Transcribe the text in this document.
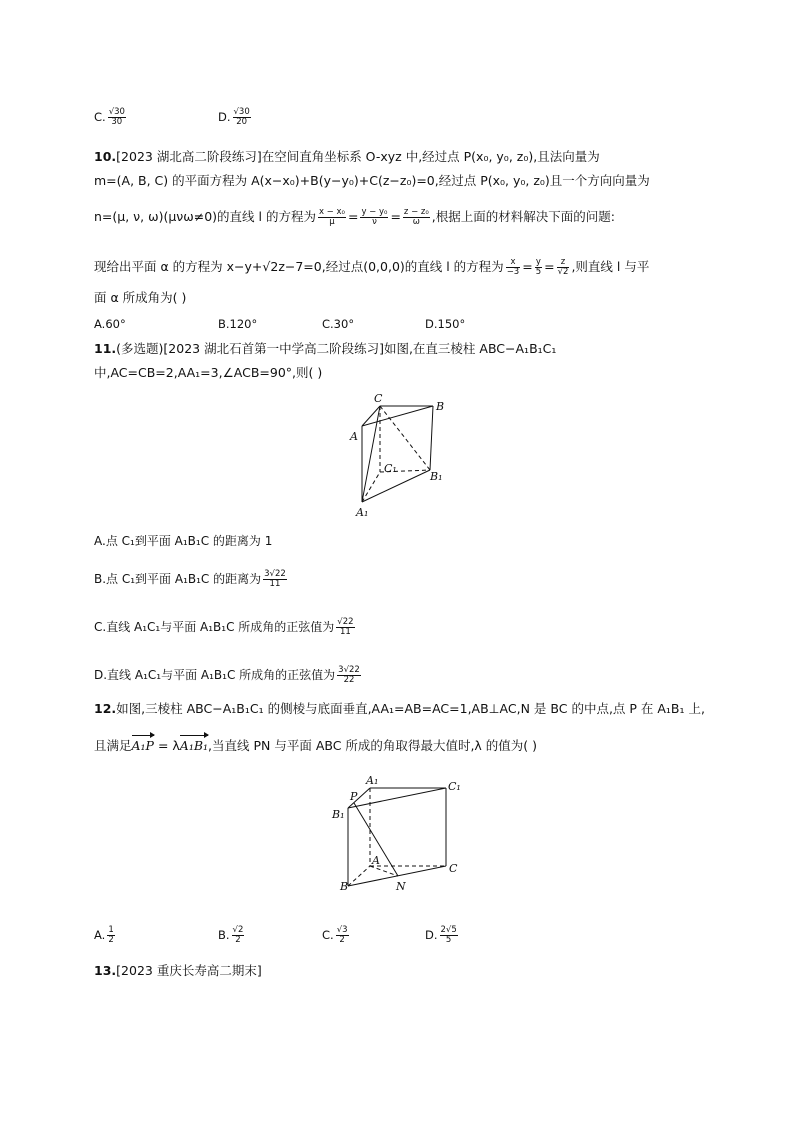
C. $\frac{√30}{30}$	D. $\frac{√30}{20}$
10.[2023 湖北高二阶段练习]在空间直角坐标系 O-xyz 中,经过点 P(x₀, y₀, z₀),且法向量为
m=(A, B, C) 的平面方程为 A(x−x₀)+B(y−y₀)+C(z−z₀)=0,经过点 P(x₀, y₀, z₀)且一个方向向量为
n=(μ, ν, ω)(μνω≠0)的直线 l 的方程为 $\frac{\text{x − x₀}}{\mu} = \frac{\text{y − y₀}}{\nu} = \frac{\text{z − z₀}}{\omega}$ ,根据上面的材料解决下面的问题:
现给出平面 α 的方程为 x−y+√2z−7=0,经过点(0,0,0)的直线 l 的方程为 $\frac{x}{-3} = \frac{y}{5} = \frac{z}{√2}$ ,则直线 l 与平
面 α 所成角为( )
A.60°	B.120°	C.30°	D.150°
11.(多选题)[2023 湖北石首第一中学高二阶段练习]如图,在直三棱柱 ABC−A₁B₁C₁
中,AC=CB=2,AA₁=3,∠ACB=90°,则( )
C
B
A
C₁
B₁
A₁
A.点 C₁到平面 A₁B₁C 的距离为 1
B.点 C₁到平面 A₁B₁C 的距离为 $\frac{3√22}{11}$
C.直线 A₁C₁与平面 A₁B₁C 所成角的正弦值为 $\frac{√22}{11}$
D.直线 A₁C₁与平面 A₁B₁C 所成角的正弦值为 $\frac{3√22}{22}$
12.如图,三棱柱 ABC−A₁B₁C₁ 的侧棱与底面垂直,AA₁=AB=AC=1,AB⊥AC,N 是 BC 的中点,点 P 在 A₁B₁ 上,
且满足A₁P = λA₁B₁,当直线 PN 与平面 ABC 所成的角取得最大值时,λ 的值为( )
A₁	C₁
B₁
P
A
C
B	N
A. $\frac{1}{2}$	B. $\frac{√2}{2}$	C. $\frac{√3}{2}$	D. $\frac{2√5}{5}$
13.[2023 重庆长寿高二期末]
